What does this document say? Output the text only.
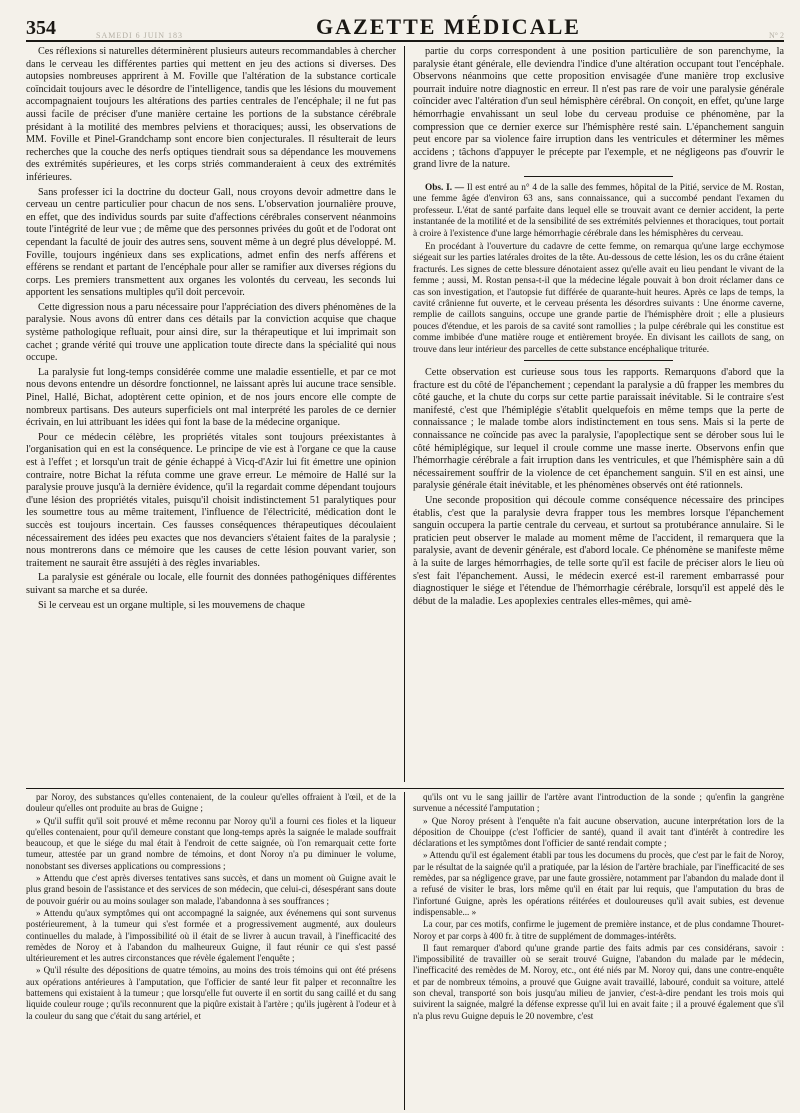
354	SAMEDI 6 JUIN 183	GAZETTE MÉDICALE	N° 2

Ces réflexions si naturelles déterminèrent plusieurs auteurs recommandables à chercher dans le cerveau les différentes parties qui mettent en jeu des actions si diverses. Des autopsies nombreuses apprirent à M. Foville que l'altération de la substance corticale coïncidait toujours avec le désordre de l'intelligence, tandis que les lésions du mouvement accompagnaient toujours les altérations des parties centrales de l'encéphale; il ne fut pas aussi facile de préciser d'une manière certaine les portions de la substance cérébrale présidant à la motilité des membres pelviens et thoraciques; aussi, les observations de MM. Foville et Pinel-Grandchamp sont encore bien conjecturales. Il résulterait de leurs recherches que la couche des nerfs optiques tiendrait sous sa dépendance les mouvemens des extrémités supérieures, et les corps striés commanderaient à ceux des extrémités inférieures.

Sans professer ici la doctrine du docteur Gall, nous croyons devoir admettre dans le cerveau un centre particulier pour chacun de nos sens. L'observation journalière prouve, en effet, que des individus sourds par suite d'affections cérébrales conservent néanmoins toute l'intégrité de leur vue ; de même que des personnes privées du goût et de l'odorat ont cependant la faculté de jouir des autres sens, souvent même à un degré plus développé. M. Foville, toujours ingénieux dans ses explications, admet enfin des nerfs afférens et efférens se rendant et partant de l'encéphale pour aller se ramifier aux diverses régions du corps. Les premiers transmettent aux organes les volontés du cerveau, les seconds lui apportent les sensations multiples qu'il doit percevoir.

Cette digression nous a paru nécessaire pour l'appréciation des divers phénomènes de la paralysie. Nous avons dû entrer dans ces détails par la conviction acquise que chaque système pathologique refluait, pour ainsi dire, sur la thérapeutique et lui imprimait son cachet ; grande vérité qui trouve une application toute directe dans la spécialité qui nous occupe.

La paralysie fut long-temps considérée comme une maladie essentielle, et par ce mot nous devons entendre un désordre fonctionnel, ne laissant après lui aucune trace sensible. Pinel, Hallé, Bichat, adoptèrent cette opinion, et de nos jours encore elle compte de nombreux partisans. Des auteurs superficiels ont mal interprété les paroles de ce dernier écrivain, en lui attribuant les idées qui font la base de la médecine organique.

Pour ce médecin célèbre, les propriétés vitales sont toujours préexistantes à l'organisation qui en est la conséquence. Le principe de vie est à l'organe ce que la cause est à l'effet ; et lorsqu'un trait de génie échappé à Vicq-d'Azir lui fit émettre une opinion contraire, notre Bichat la réfuta comme une grave erreur. Le mémoire de Hallé sur la paralysie prouve jusqu'à la dernière évidence, qu'il la regardait comme dépendant toujours d'une lésion des propriétés vitales, puisqu'il choisit indistinctement 51 paralytiques pour les soumettre tous au même traitement, l'influence de l'électricité, médication dont le succès est toujours incertain. Ces fausses conséquences thérapeutiques découlaient nécessairement des idées peu exactes que nos devanciers s'étaient faites de la paralysie ; nous montrerons dans ce mémoire que les causes de cette lésion pouvant varier, son traitement ne saurait être assujéti à des règles invariables.

La paralysie est générale ou locale, elle fournit des données pathogéniques différentes suivant sa marche et sa durée.

Si le cerveau est un organe multiple, si les mouvemens de chaque

partie du corps correspondent à une position particulière de son parenchyme, la paralysie étant générale, elle deviendra l'indice d'une altération occupant tout l'encéphale. Observons néanmoins que cette proposition envisagée d'une manière trop exclusive pourrait induire notre diagnostic en erreur. Il n'est pas rare de voir une paralysie générale coïncider avec l'altération d'un seul hémisphère cérébral. On conçoit, en effet, qu'une large hémorrhagie envahissant un seul lobe du cerveau produise ce phénomène, par la compression que ce dernier exerce sur l'hémisphère resté sain. L'épanchement sanguin peut encore par sa violence faire irruption dans les ventricules et déterminer les mêmes accidens ; tâchons d'appuyer le précepte par l'exemple, et ne négligeons pas d'ouvrir le grand livre de la nature.

Obs. I. — Il est entré au n° 4 de la salle des femmes, hôpital de la Pitié, service de M. Rostan, une femme âgée d'environ 63 ans, sans connaissance, qui a succombé pendant l'examen du professeur. L'état de santé parfaite dans lequel elle se trouvait avant ce dernier accident, la perte instantanée de la motilité et de la sensibilité de ses extrémités pelviennes et thoraciques, tout portait à croire à l'existence d'une large hémorrhagie cérébrale dans les hémisphères du cerveau.

En procédant à l'ouverture du cadavre de cette femme, on remarqua qu'une large ecchymose siégeait sur les parties latérales droites de la tête. Au-dessous de cette lésion, les os du crâne étaient fracturés. Les signes de cette blessure dénotaient assez qu'elle avait eu lieu pendant le vivant de la femme ; aussi, M. Rostan pensa-t-il que la médecine légale pouvait à bon droit réclamer dans ce cas son investigation, et l'autopsie fut différée de quarante-huit heures. Après ce laps de temps, la cavité crânienne fut ouverte, et le cerveau présenta les désordres suivants : Une énorme caverne, remplie de caillots sanguins, occupe une grande partie de l'hémisphère droit ; elle a plusieurs pouces d'étendue, et les parois de sa cavité sont ramollies ; la pulpe cérébrale qui les constitue est comme imbibée d'une matière rouge et entièrement broyée. En divisant les caillots de sang, on trouve dans leur intérieur des parcelles de cette substance encéphalique triturée.

Cette observation est curieuse sous tous les rapports. Remarquons d'abord que la fracture est du côté de l'épanchement ; cependant la paralysie a dû frapper les membres du côté gauche, et la chute du corps sur cette partie paraissait inévitable. Si le contraire s'est manifesté, c'est que l'hémiplégie s'établit quelquefois en même temps que la perte de connaissance ; le malade tombe alors indistinctement en tous sens. Mais si la perte de connaissance ne coïncide pas avec la paralysie, l'apoplectique sent se dérober sous lui le côté hémiplégique, sur lequel il croule comme une masse inerte. Observons enfin que l'hémorrhagie cérébrale a fait irruption dans les ventricules, et que l'hémisphère sain a dû nécessairement souffrir de la violence de cet épanchement sanguin. S'il en est ainsi, une paralysie générale était inévitable, et les phénomènes observés ont été rationnels.

Une seconde proposition qui découle comme conséquence nécessaire des principes établis, c'est que la paralysie devra frapper tous les membres lorsque l'épanchement sanguin occupera la partie centrale du cerveau, et surtout sa protubérance annulaire. Si le praticien peut observer le malade au moment même de l'accident, il remarquera que la paralysie, avant de devenir générale, est d'abord locale. Ce phénomène se manifeste même à la suite de larges hémorrhagies, de telle sorte qu'il est facile de préciser alors le lieu où s'est fait l'épanchement. Aussi, le médecin exercé est-il rarement embarrassé pour diagnostiquer le siége et l'étendue de l'hémorrhagie cérébrale, lorsqu'il est appelé dès le début de la maladie. Les apoplexies centrales elles-mêmes, qui amè-

par Noroy, des substances qu'elles contenaient, de la couleur qu'elles offraient à l'œil, et de la douleur qu'elles ont produite au bras de Guigne ;

» Qu'il suffit qu'il soit prouvé et même reconnu par Noroy qu'il a fourni ces fioles et la liqueur qu'elles contenaient, pour qu'il demeure constant que long-temps après la saignée le malade souffrait beaucoup, et que le siége du mal était à l'endroit de cette saignée, où l'on remarquait cette forte tumeur, attestée par un grand nombre de témoins, et dont Noroy n'a pu diminuer le volume, nonobstant ses diverses applications ou compressions ;

» Attendu que c'est après diverses tentatives sans succès, et dans un moment où Guigne avait le plus grand besoin de l'assistance et des services de son médecin, que celui-ci, désespérant sans doute de pouvoir guérir ou au moins soulager son malade, l'abandonna à ses souffrances ;

» Attendu qu'aux symptômes qui ont accompagné la saignée, aux événemens qui sont survenus postérieurement, à la tumeur qui s'est formée et a progressivement augmenté, aux douleurs continuelles du malade, à l'impossibilité où il était de se livrer à aucun travail, à l'inefficacité des remèdes de Noroy et à l'abandon du malheureux Guigne, il faut réunir ce qui s'est passé ultérieurement et les autres circonstances que révèle également l'enquête ;

» Qu'il résulte des dépositions de quatre témoins, au moins des trois témoins qui ont été présens aux opérations antérieures à l'amputation, que l'officier de santé leur fit palper et reconnaître les battemens qui existaient à la tumeur ; que lorsqu'elle fut ouverte il en sortit du sang caillé et du sang liquide couleur rouge ; qu'ils reconnurent que la piqûre existait à l'artère ; qu'ils jugèrent à l'odeur et à la couleur du sang que c'était du sang artériel, et

qu'ils ont vu le sang jaillir de l'artère avant l'introduction de la sonde ; qu'enfin la gangrène survenue a nécessité l'amputation ;

» Que Noroy présent à l'enquête n'a fait aucune observation, aucune interprétation lors de la déposition de Chouippe (c'est l'officier de santé), quand il avait tant d'intérêt à contredire les déclarations et les symptômes dont l'officier de santé rendait compte ;

» Attendu qu'il est également établi par tous les documens du procès, que c'est par le fait de Noroy, par le résultat de la saignée qu'il a pratiquée, par la lésion de l'artère brachiale, par l'inefficacité de ses remèdes, par sa négligence grave, par une faute grossière, notamment par l'abandon du malade dont il a refusé de visiter le bras, lors même qu'il en était par lui requis, que l'amputation du bras de l'infortuné Guigne, après les opérations réitérées et douloureuses qu'il avait subies, est devenue indispensable... »

La cour, par ces motifs, confirme le jugement de première instance, et de plus condamne Thouret-Noroy et par corps à 400 fr. à titre de supplément de dommages-intérêts.

Il faut remarquer d'abord qu'une grande partie des faits admis par ces considérans, savoir : l'impossibilité de travailler où se serait trouvé Guigne, l'abandon du malade par le médecin, l'inefficacité des remèdes de M. Noroy, etc., ont été niés par M. Noroy qui, dans une contre-enquête et par de nombreux témoins, a prouvé que Guigne avait travaillé, labouré, conduit sa voiture, attelé son cheval, transporté son bois jusqu'au milieu de janvier, c'est-à-dire pendant les trois mois qui suivirent la saignée, malgré la défense expresse qu'il lui en avait faite ; il a prouvé également que s'il n'a plus revu Guigne depuis le 20 novembre, c'est
